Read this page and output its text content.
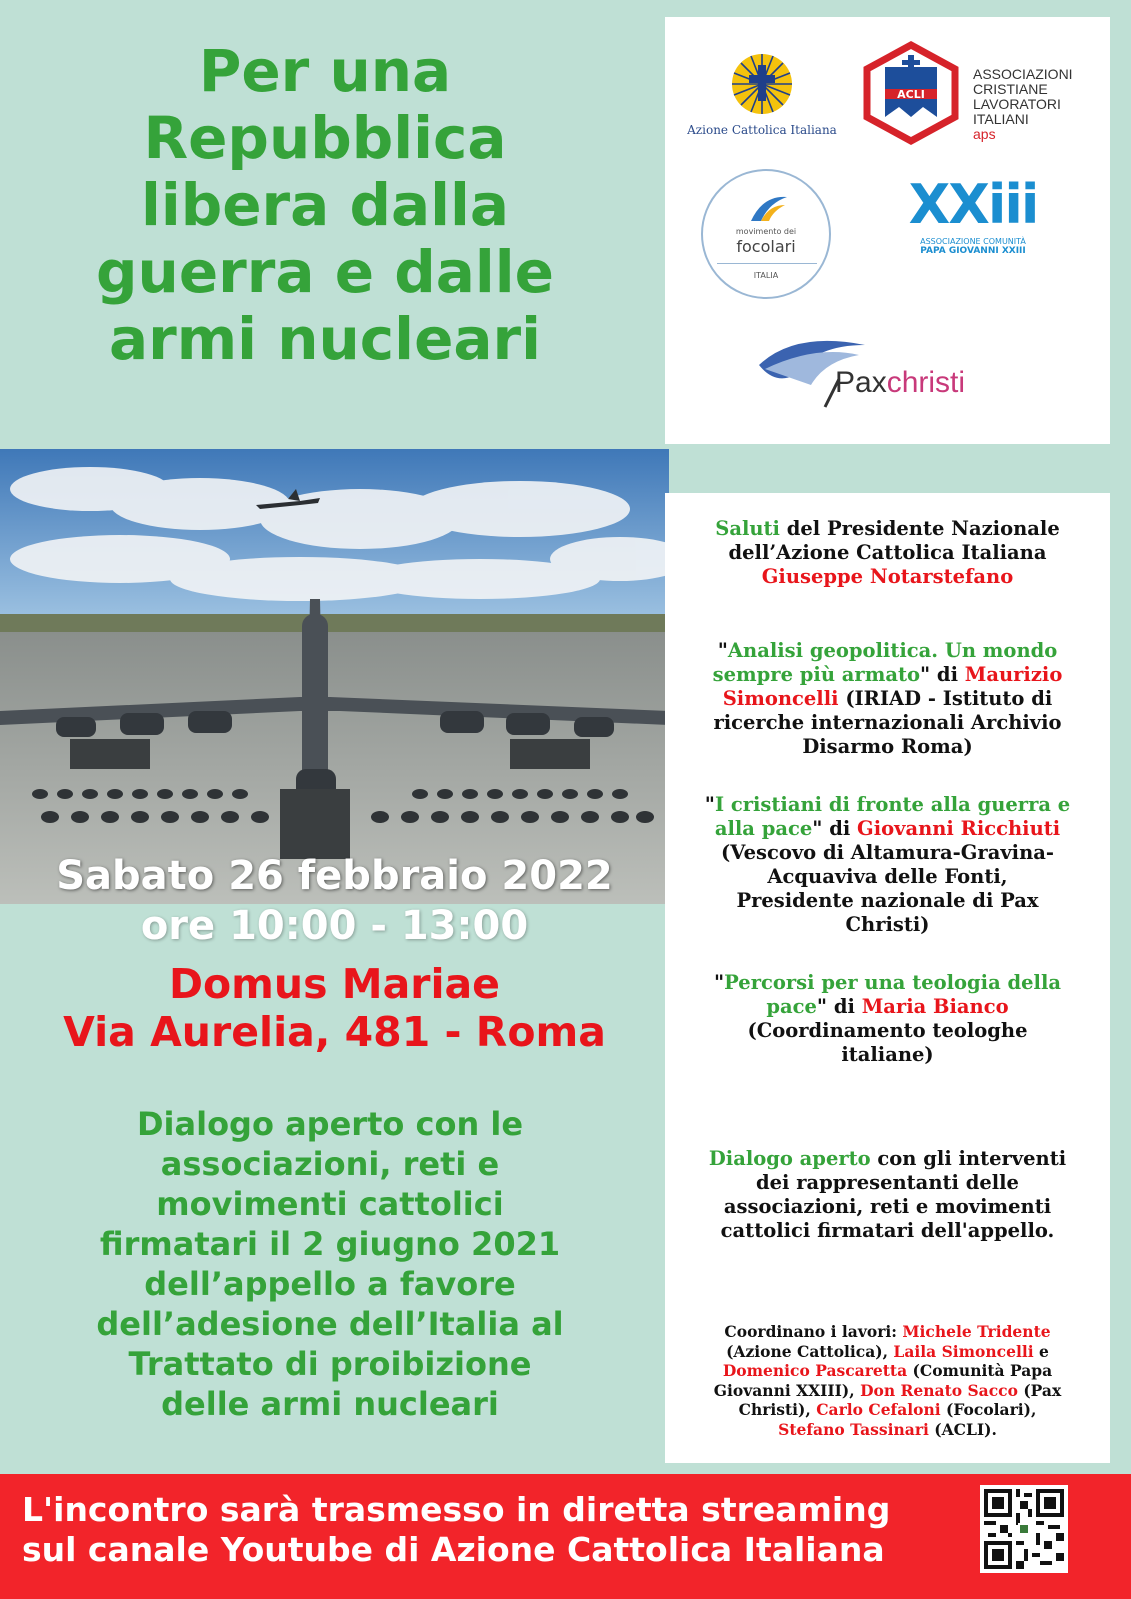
Per una
Repubblica
libera dalla
guerra e dalle
armi nucleari
Azione Cattolica Italiana
ACLI
ASSOCIAZIONI
CRISTIANE
LAVORATORI
ITALIANI
aps
movimento dei
focolari
ITALIA
XXiii
ASSOCIAZIONE COMUNITÀ
PAPA GIOVANNI XXIII
Paxchristi
Sabato 26 febbraio 2022
ore 10:00 - 13:00
Domus Mariae
Via Aurelia, 481 - Roma
Dialogo aperto con le
associazioni, reti e
movimenti cattolici
firmatari il 2 giugno 2021
dell’appello a favore
dell’adesione dell’Italia al
Trattato di proibizione
delle armi nucleari
Saluti del Presidente Nazionale
dell’Azione Cattolica Italiana
Giuseppe Notarstefano
"Analisi geopolitica. Un mondo
sempre più armato" di Maurizio
Simoncelli (IRIAD - Istituto di
ricerche internazionali Archivio
Disarmo Roma)
"I cristiani di fronte alla guerra e
alla pace" di Giovanni Ricchiuti
(Vescovo di Altamura-Gravina-
Acquaviva delle Fonti,
Presidente nazionale di Pax
Christi)
"Percorsi per una teologia della
pace" di Maria Bianco
(Coordinamento teologhe
italiane)
Dialogo aperto con gli interventi
dei rappresentanti delle
associazioni, reti e movimenti
cattolici firmatari dell'appello.
Coordinano i lavori: Michele Tridente
(Azione Cattolica), Laila Simoncelli e
Domenico Pascaretta (Comunità Papa
Giovanni XXIII), Don Renato Sacco (Pax
Christi), Carlo Cefaloni (Focolari),
Stefano Tassinari (ACLI).
L'incontro sarà trasmesso in diretta streaming
sul canale Youtube di Azione Cattolica Italiana
